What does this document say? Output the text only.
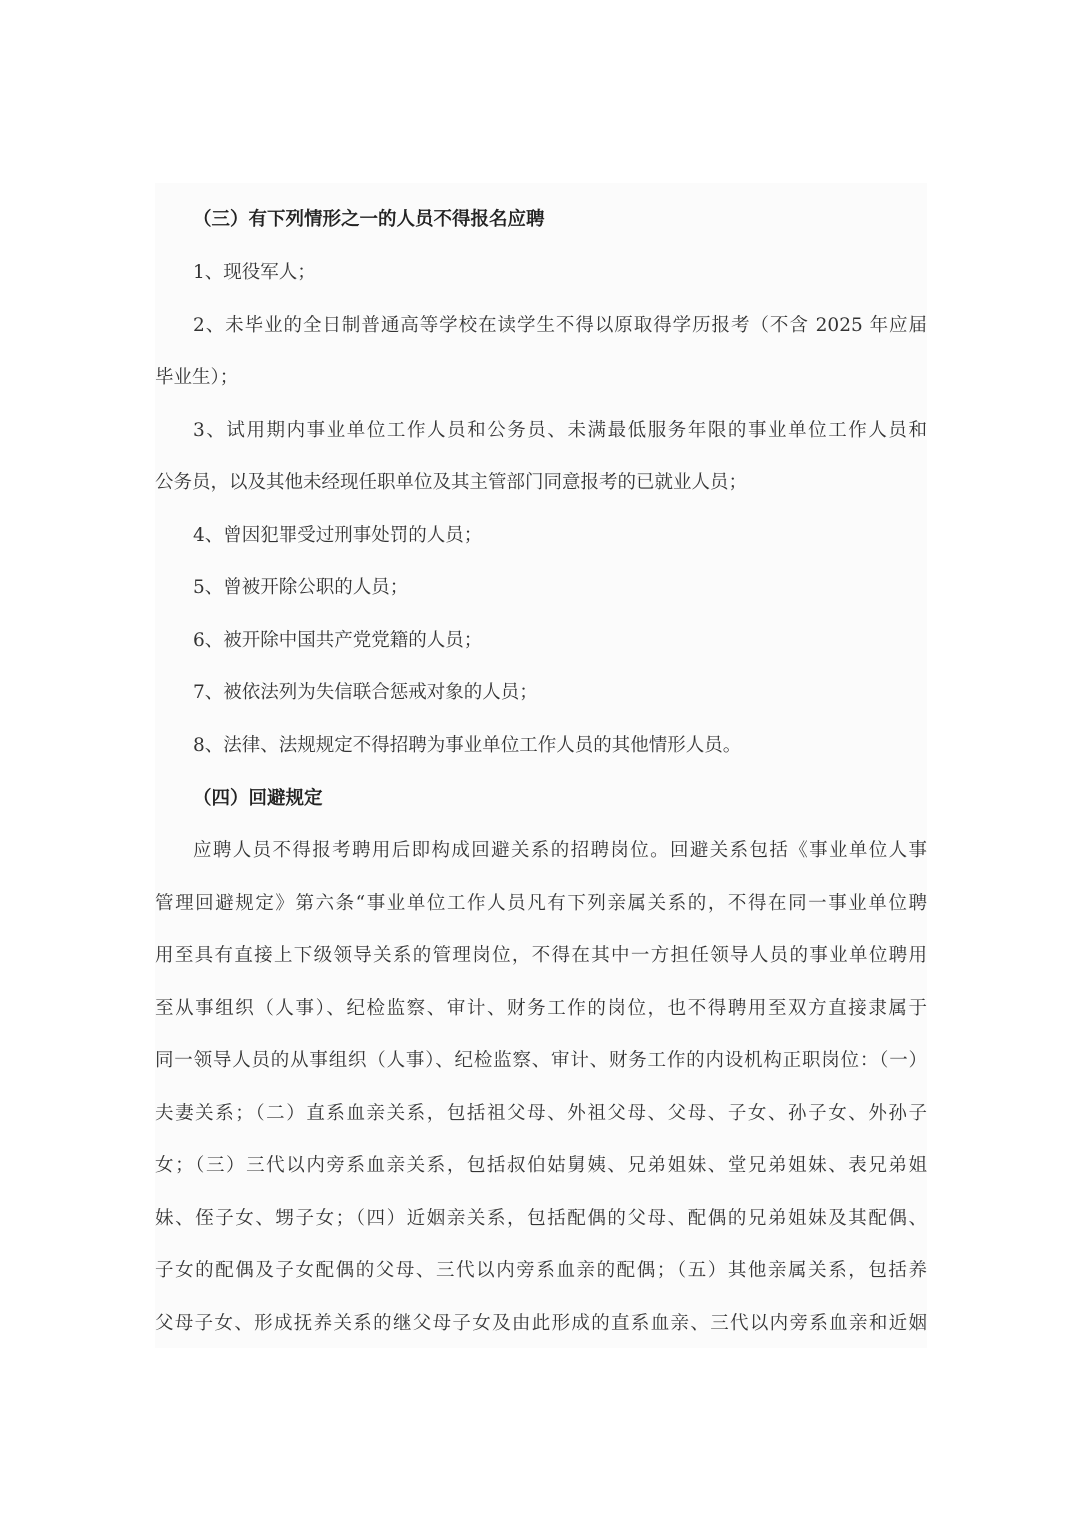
（三）有下列情形之一的人员不得报名应聘
1、现役军人；
2、未毕业的全日制普通高等学校在读学生不得以原取得学历报考（不含 2025 年应届
毕业生）；
3、试用期内事业单位工作人员和公务员、未满最低服务年限的事业单位工作人员和
公务员，以及其他未经现任职单位及其主管部门同意报考的已就业人员；
4、曾因犯罪受过刑事处罚的人员；
5、曾被开除公职的人员；
6、被开除中国共产党党籍的人员；
7、被依法列为失信联合惩戒对象的人员；
8、法律、法规规定不得招聘为事业单位工作人员的其他情形人员。
（四）回避规定
应聘人员不得报考聘用后即构成回避关系的招聘岗位。回避关系包括《事业单位人事
管理回避规定》第六条“事业单位工作人员凡有下列亲属关系的，不得在同一事业单位聘
用至具有直接上下级领导关系的管理岗位，不得在其中一方担任领导人员的事业单位聘用
至从事组织（人事）、纪检监察、审计、财务工作的岗位，也不得聘用至双方直接隶属于
同一领导人员的从事组织（人事）、纪检监察、审计、财务工作的内设机构正职岗位：（一）
夫妻关系；（二）直系血亲关系，包括祖父母、外祖父母、父母、子女、孙子女、外孙子
女；（三）三代以内旁系血亲关系，包括叔伯姑舅姨、兄弟姐妹、堂兄弟姐妹、表兄弟姐
妹、侄子女、甥子女；（四）近姻亲关系，包括配偶的父母、配偶的兄弟姐妹及其配偶、
子女的配偶及子女配偶的父母、三代以内旁系血亲的配偶；（五）其他亲属关系，包括养
父母子女、形成抚养关系的继父母子女及由此形成的直系血亲、三代以内旁系血亲和近姻
